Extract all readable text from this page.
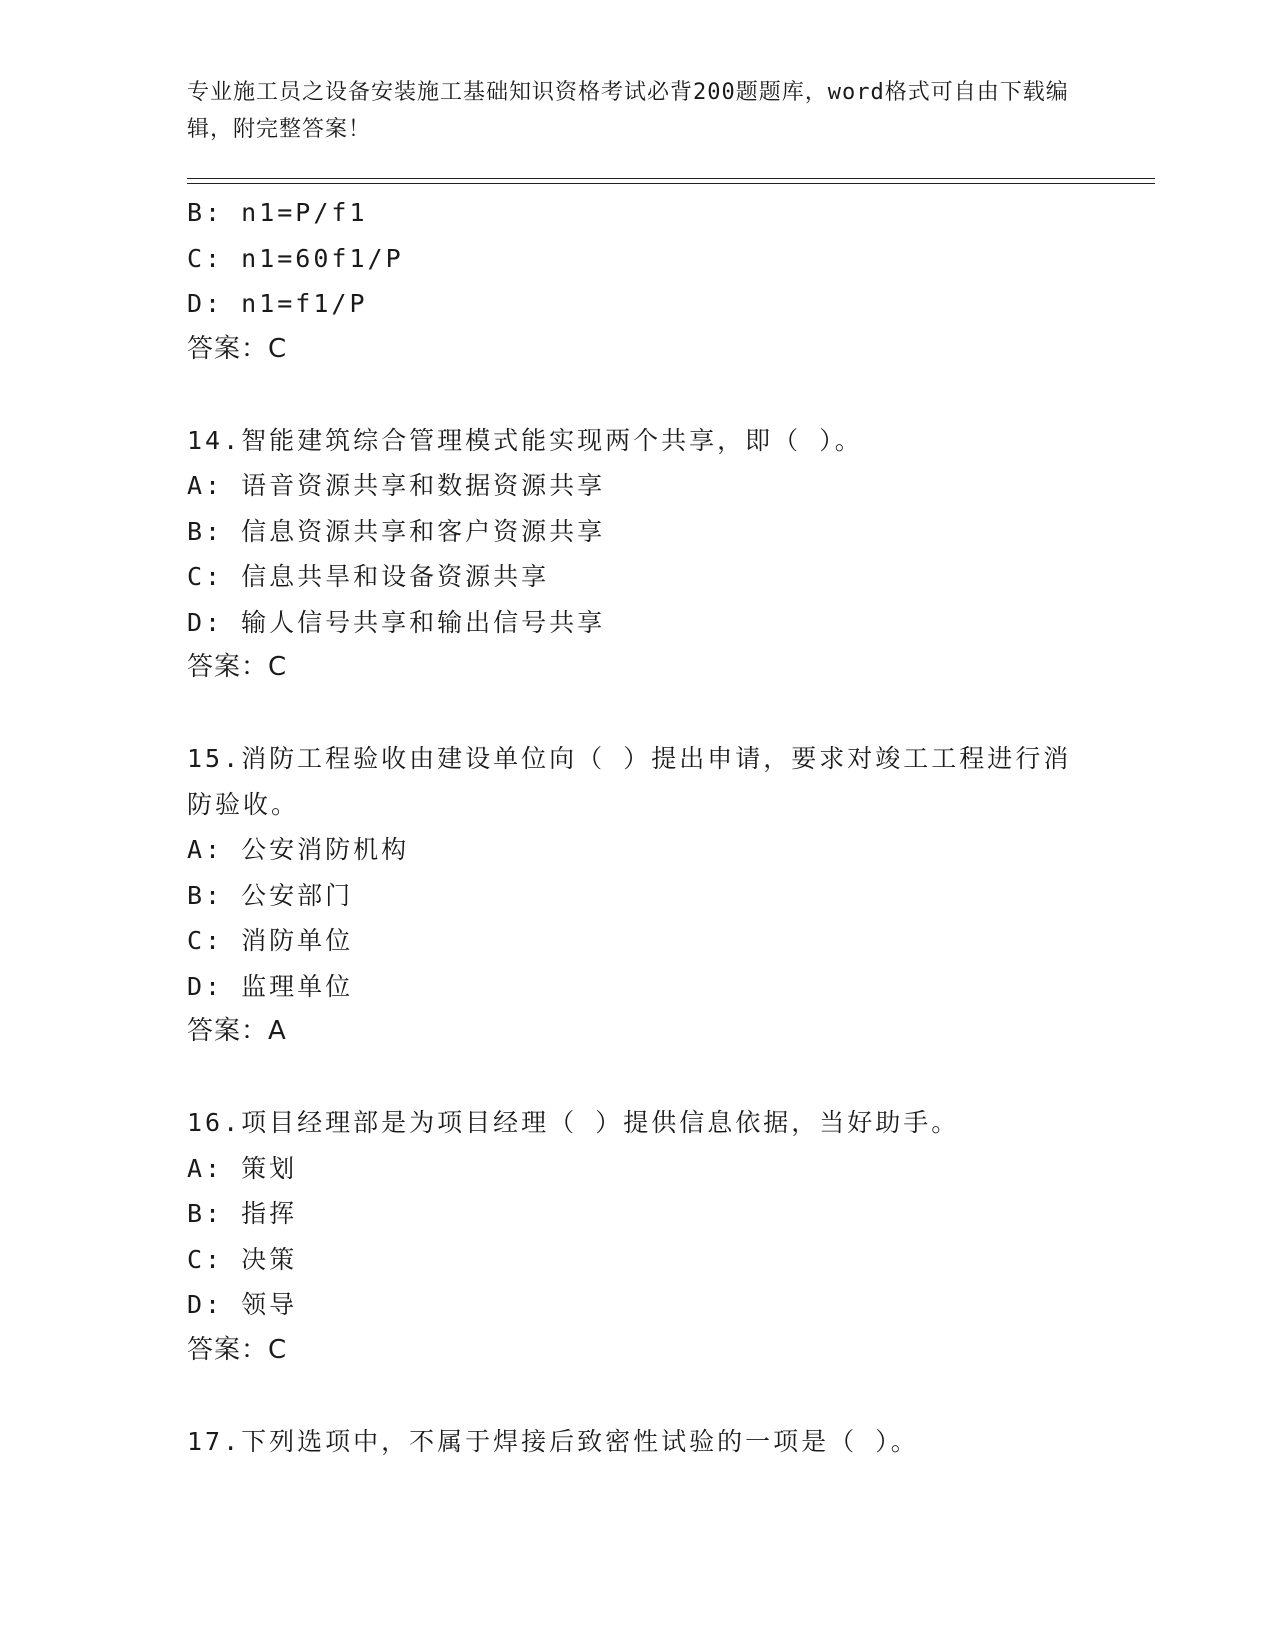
专业施工员之设备安装施工基础知识资格考试必背200题题库，word格式可自由下载编辑，附完整答案！

B: n1=P/f1

C: n1=60f1/P

D: n1=f1/P

答案：C

14.智能建筑综合管理模式能实现两个共享，即（ ）。

A: 语音资源共享和数据资源共享

B: 信息资源共享和客户资源共享

C: 信息共旱和设备资源共享

D: 输人信号共享和输出信号共享

答案：C

15.消防工程验收由建设单位向（ ）提出申请，要求对竣工工程进行消防验收。

A: 公安消防机构

B: 公安部门

C: 消防单位

D: 监理单位

答案：A

16.项目经理部是为项目经理（ ）提供信息依据，当好助手。

A: 策划

B: 指挥

C: 决策

D: 领导

答案：C

17.下列选项中，不属于焊接后致密性试验的一项是（ ）。
